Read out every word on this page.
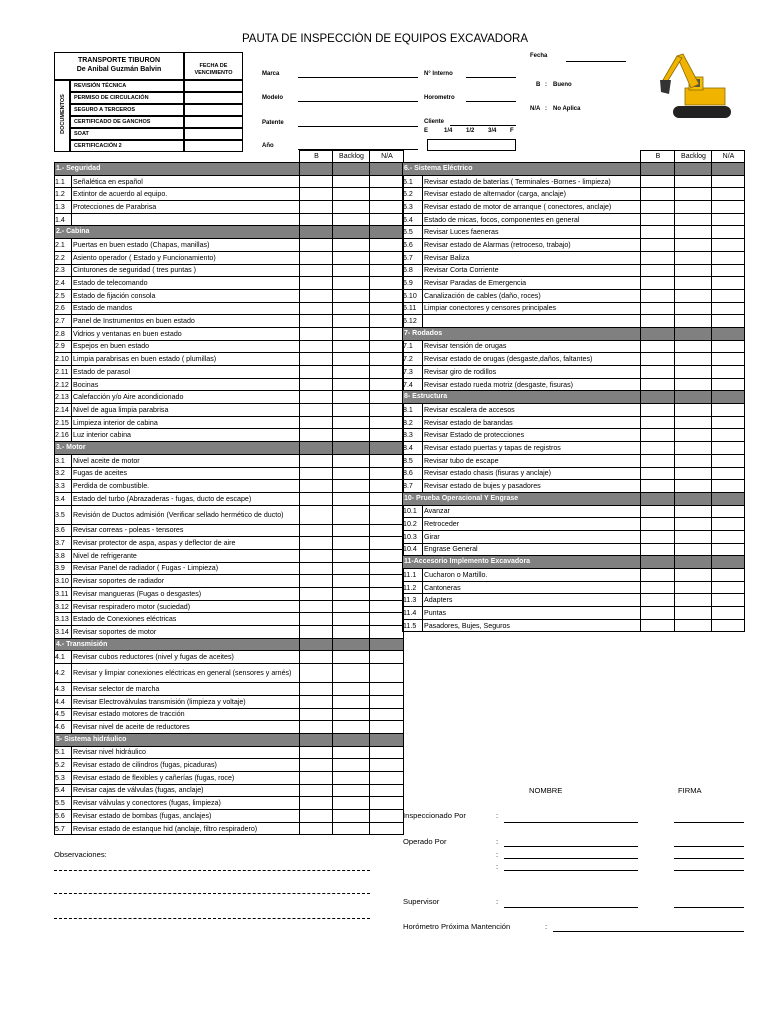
PAUTA DE INSPECCIÓN DE EQUIPOS EXCAVADORA
TRANSPORTE TIBURON
De Anibal Guzmán Balvin	FECHA DE VENCIMIENTO
DOCUMENTOS
REVISIÓN TÉCNICA
PERMISO DE CIRCULACIÓN
SEGURO A TERCEROS
CERTIFICADO DE GANCHOS
SOAT
CERTIFICACIÓN 2
Marca
Modelo
Patente
Año
N° Interno
Horometro
Cliente
E	1/4 1/2 3/4 F
Fecha
B : Bueno
N/A : No Aplica
		B	Backlog	N/A
1.- Seguridad				
1.1	Señalética en español			
1.2	Extintor de acuerdo al equipo.			
1.3	Protecciones de Parabrisa			
1.4				
2.- Cabina				
2.1	Puertas en buen estado (Chapas, manillas)			
2.2	Asiento operador ( Estado y Funcionamiento)			
2.3	Cinturones de seguridad ( tres puntas )			
2.4	Estado de telecomando			
2.5	Estado de fijación consola			
2.6	Estado de mandos			
2.7	Panel de Instrumentos en buen estado			
2.8	Vidrios y ventanas en buen estado			
2.9	Espejos en buen estado			
2.10	Limpia parabrisas en buen estado ( plumillas)			
2.11	Estado de parasol			
2.12	Bocinas			
2.13	Calefacción y/o Aire acondicionado			
2.14	Nivel de agua limpia parabrisa			
2.15	Limpieza interior de cabina			
2.16	Luz interior cabina			
3.- Motor				
3.1	Nivel aceite de motor			
3.2	Fugas de aceites			
3.3	Perdida de combustible.			
3.4	Estado del turbo (Abrazaderas - fugas, ducto de escape)			
3.5	Revisión de Ductos admisión (Verificar sellado hermético de ducto)			
3.6	Revisar correas - poleas - tensores			
3.7	Revisar protector de aspa, aspas y deflector de aire			
3.8	Nivel de refrigerante			
3.9	Revisar Panel de radiador ( Fugas - Limpieza)			
3.10	Revisar soportes de radiador			
3.11	Revisar mangueras (Fugas o desgastes)			
3.12	Revisar respiradero motor (suciedad)			
3.13	Estado de Conexiones eléctricas			
3.14	Revisar soportes de motor			
4.- Transmisión				
4.1	Revisar cubos reductores (nivel y fugas de aceites)			
4.2	Revisar y limpiar conexiones eléctricas en general (sensores y arnés)			
4.3	Revisar selector de marcha			
4.4	Revisar Electroválvulas transmisión (limpieza y voltaje)			
4.5	Revisar estado motores de tracción			
4.6	Revisar nivel de aceite de reductores			
5- Sistema hidráulico				
5.1	Revisar nivel hidráulico			
5.2	Revisar estado de cilindros (fugas, picaduras)			
5.3	Revisar estado de flexibles y cañerías (fugas, roce)			
5.4	Revisar cajas de válvulas (fugas, anclaje)			
5.5	Revisar válvulas y conectores (fugas, limpieza)			
5.6	Revisar estado de bombas (fugas, anclajes)			
5.7	Revisar estado de estanque hid (anclaje, filtro respiradero)			
		B	Backlog	N/A
6.- Sistema Eléctrico				
6.1	Revisar estado de baterías ( Terminales -Bornes - limpieza)			
6.2	Revisar estado de alternador (carga, anclaje)			
6.3	Revisar estado de motor de arranque ( conectores, anclaje)			
6.4	Estado de micas, focos, componentes en general			
6.5	Revisar Luces faeneras			
6.6	Revisar estado de Alarmas (retroceso, trabajo)			
6.7	Revisar Baliza			
6.8	Revisar Corta Corriente			
6.9	Revisar Paradas de Emergencia			
6.10	Canalización de cables (daño, roces)			
6.11	Limpiar conectores y censores principales			
6.12				
7- Rodados				
7.1	Revisar tensión de orugas			
7.2	Revisar estado de orugas (desgaste,daños, faltantes)			
7.3	Revisar giro de rodillos			
7.4	Revisar estado rueda motriz (desgaste, fisuras)			
8- Estructura				
8.1	Revisar escalera de accesos			
8.2	Revisar estado de barandas			
8.3	Revisar Estado de protecciones			
8.4	Revisar estado puertas y tapas de registros			
8.5	Revisar tubo de escape			
8.6	Revisar estado chasis (fisuras y anclaje)			
8.7	Revisar estado de bujes y pasadores			
10- Prueba Operacional Y Engrase				
10.1	Avanzar			
10.2	Retroceder			
10.3	Girar			
10.4	Engrase General			
11-Accesorio Implemento Excavadora				
11.1	Cucharon o Martillo.			
11.2	Cantoneras			
11.3	Adapters			
11.4	Puntas			
11.5	Pasadores, Bujes, Seguros			
NOMBRE	FIRMA
Inspeccionado Por	:
Operado Por	:
:
:
Supervisor	:
Horómetro Próxima Mantención	:
Observaciones:
